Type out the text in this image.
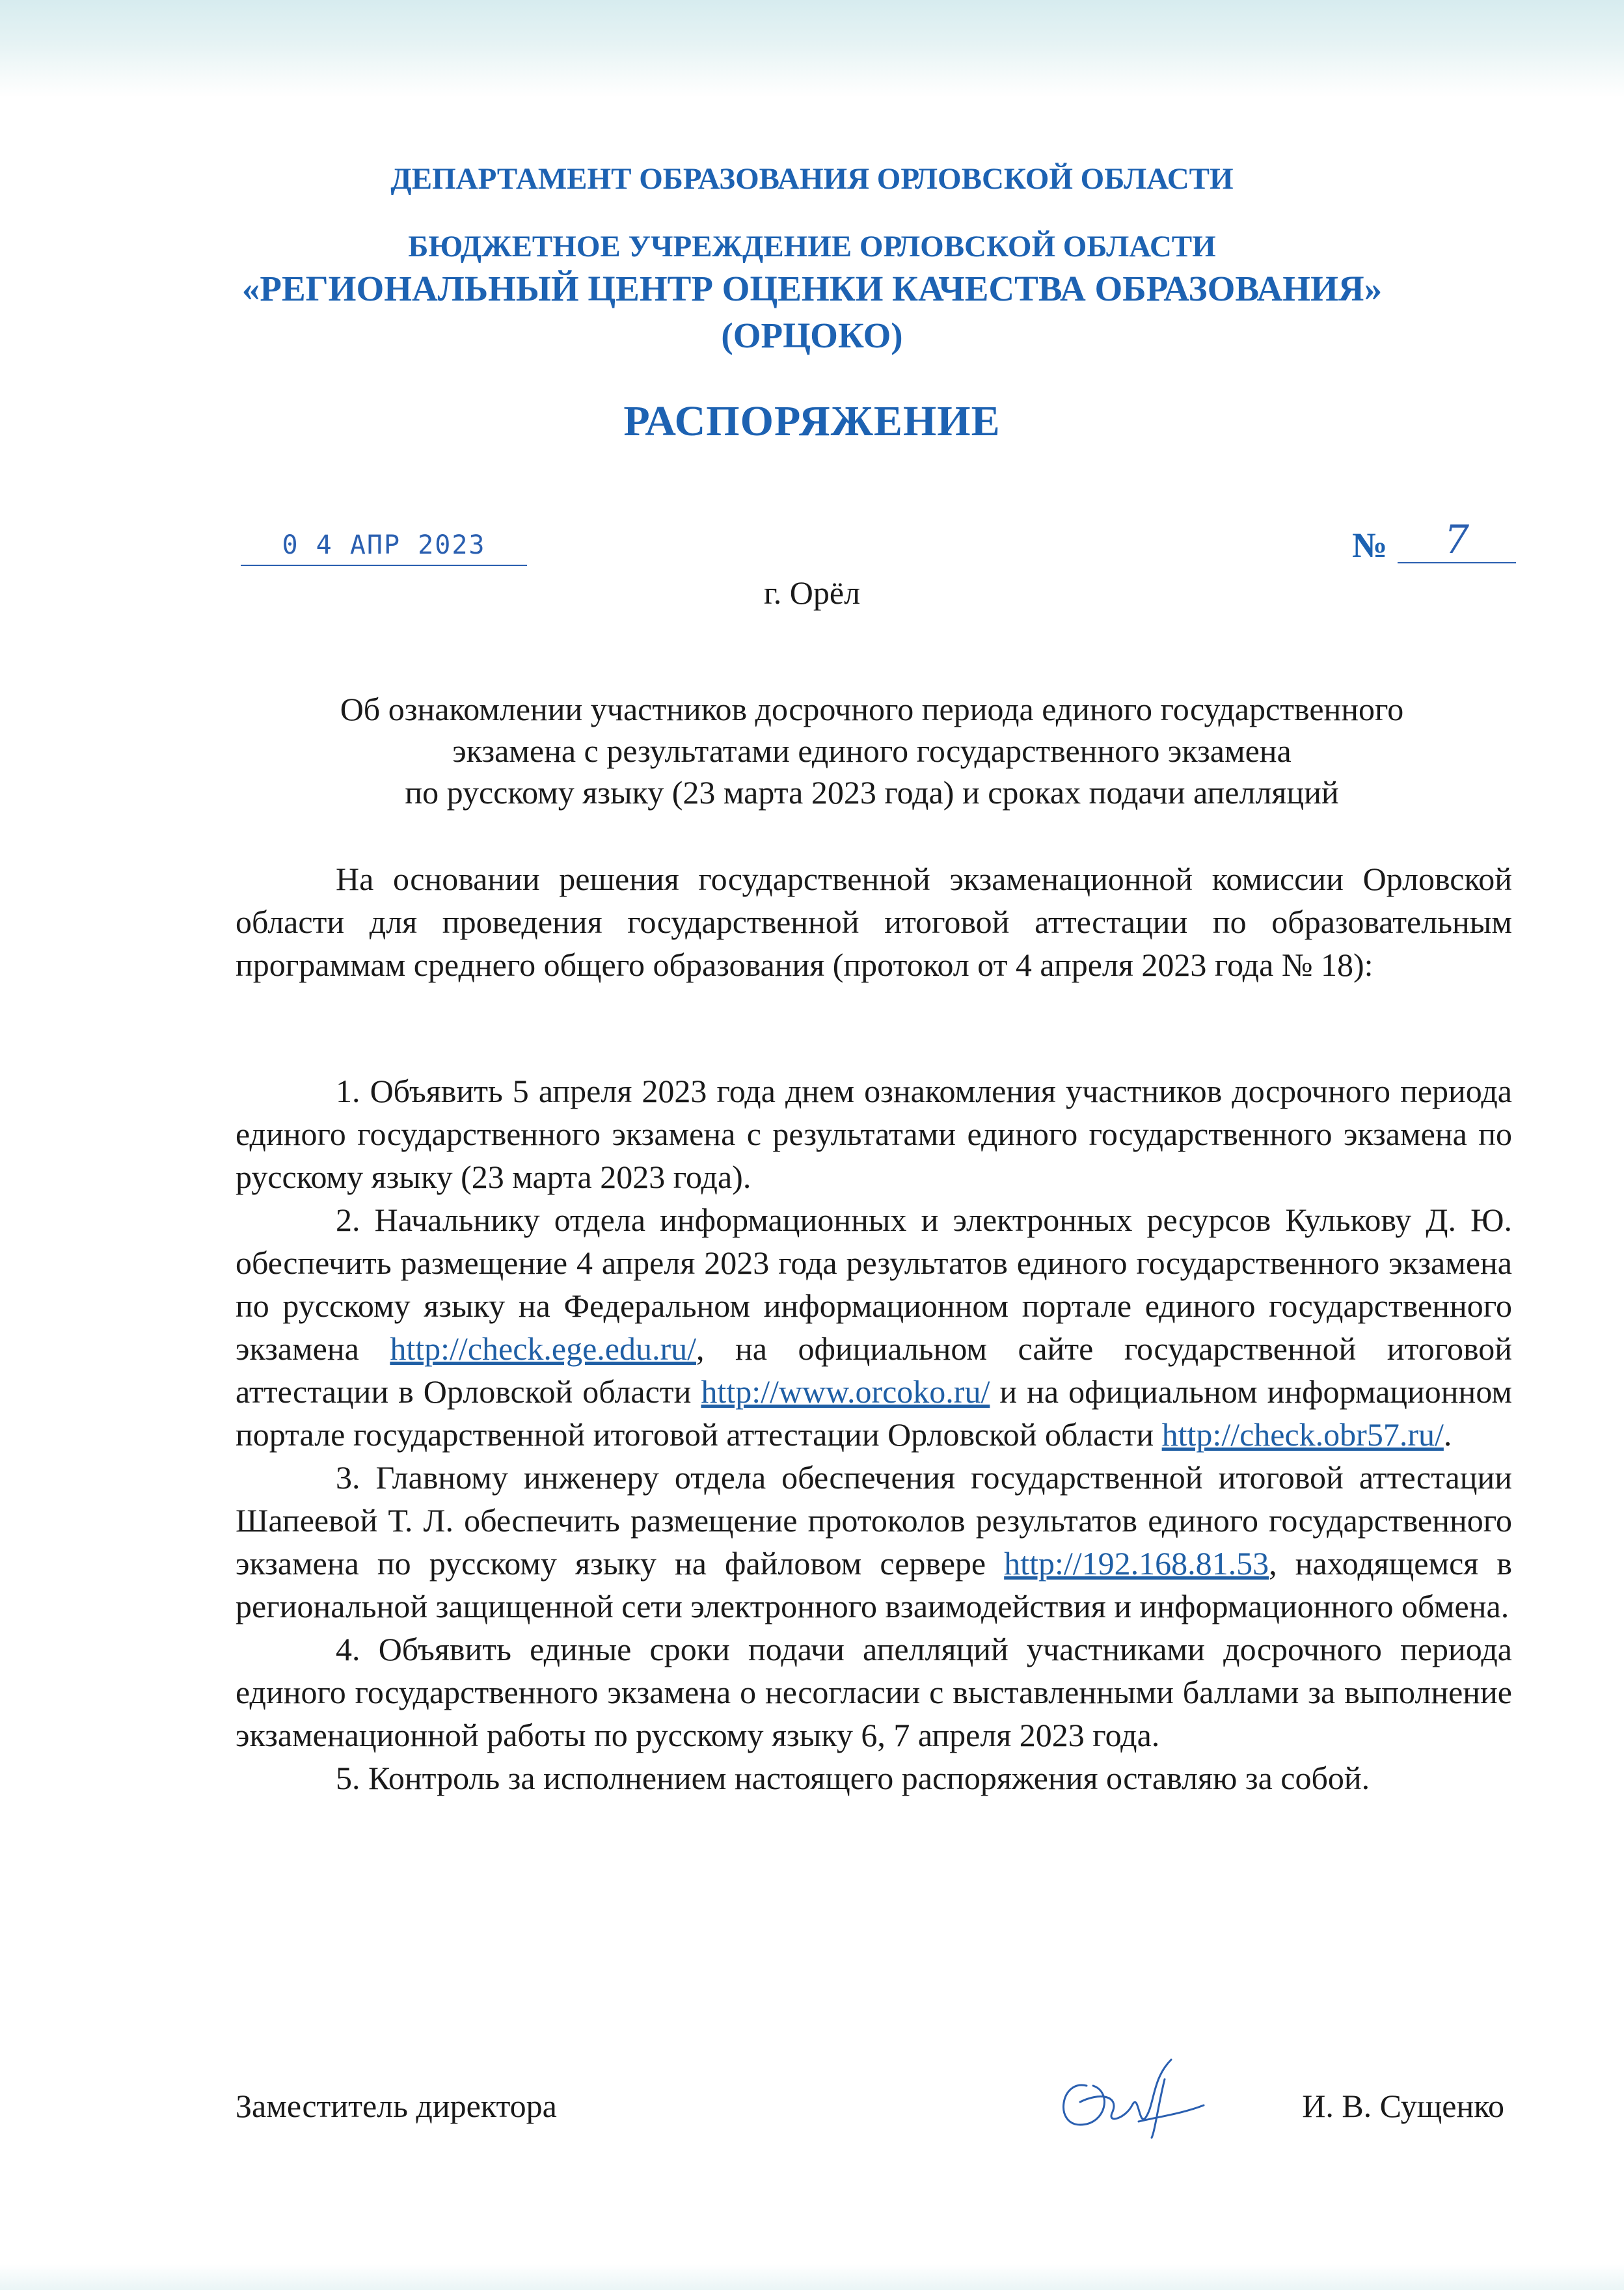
ДЕПАРТАМЕНТ ОБРАЗОВАНИЯ ОРЛОВСКОЙ ОБЛАСТИ
БЮДЖЕТНОЕ УЧРЕЖДЕНИЕ ОРЛОВСКОЙ ОБЛАСТИ
«РЕГИОНАЛЬНЫЙ ЦЕНТР ОЦЕНКИ КАЧЕСТВА ОБРАЗОВАНИЯ»
(ОРЦОКО)
РАСПОРЯЖЕНИЕ
0 4 АПР 2023	№	7
г. Орёл
Об ознакомлении участников досрочного периода единого государственного
экзамена с результатами единого государственного экзамена
по русскому языку (23 марта 2023 года) и сроках подачи апелляций

На основании решения государственной экзаменационной комиссии Орловской области для проведения государственной итоговой аттестации по образовательным программам среднего общего образования (протокол от 4 апреля 2023 года № 18):

1. Объявить 5 апреля 2023 года днем ознакомления участников досрочного периода единого государственного экзамена с результатами единого государственного экзамена по русскому языку (23 марта 2023 года).

2. Начальнику отдела информационных и электронных ресурсов Кулькову Д. Ю. обеспечить размещение 4 апреля 2023 года результатов единого государственного экзамена по русскому языку на Федеральном информационном портале единого государственного экзамена http://check.ege.edu.ru/, на официальном сайте государственной итоговой аттестации в Орловской области http://www.orcoko.ru/ и на официальном информационном портале государственной итоговой аттестации Орловской области http://check.obr57.ru/.

3. Главному инженеру отдела обеспечения государственной итоговой аттестации Шапеевой Т. Л. обеспечить размещение протоколов результатов единого государственного экзамена по русскому языку на файловом сервере http://192.168.81.53, находящемся в региональной защищенной сети электронного взаимодействия и информационного обмена.

4. Объявить единые сроки подачи апелляций участниками досрочного периода единого государственного экзамена о несогласии с выставленными баллами за выполнение экзаменационной работы по русскому языку 6, 7 апреля 2023 года.

5. Контроль за исполнением настоящего распоряжения оставляю за собой.

Заместитель директора	И. В. Сущенко
